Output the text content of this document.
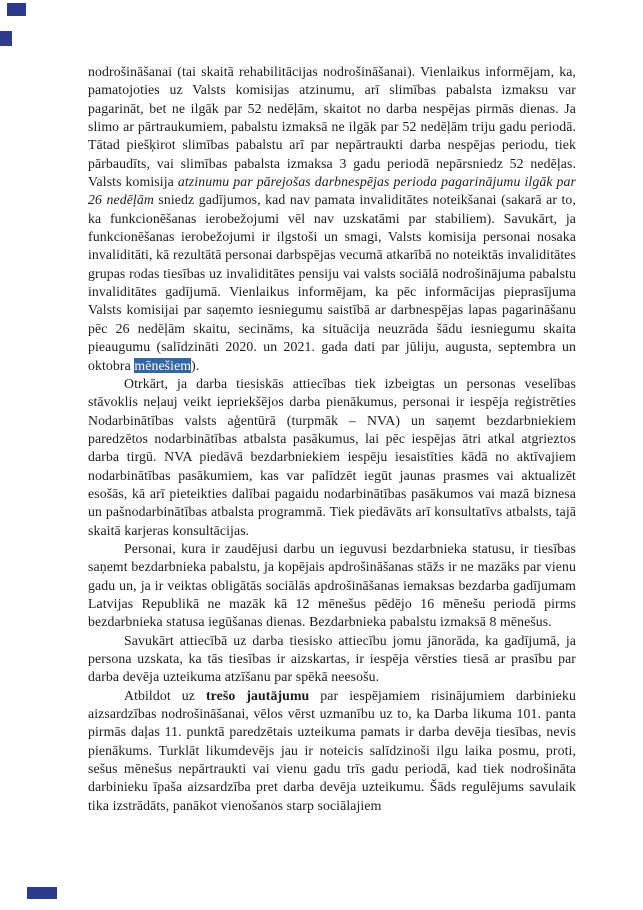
nodrošināšanai (tai skaitā rehabilitācijas nodrošināšanai). Vienlaikus informējam, ka, pamatojoties uz Valsts komisijas atzinumu, arī slimības pabalsta izmaksu var pagarināt, bet ne ilgāk par 52 nedēļām, skaitot no darba nespējas pirmās dienas. Ja slimo ar pārtraukumiem, pabalstu izmaksā ne ilgāk par 52 nedēļām triju gadu periodā. Tātad piešķirot slimības pabalstu arī par nepārtraukti darba nespējas periodu, tiek pārbaudīts, vai slimības pabalsta izmaksa 3 gadu periodā nepārsniedz 52 nedēļas. Valsts komisija atzinumu par pārejošas darbnespējas perioda pagarinājumu ilgāk par 26 nedēļām sniedz gadījumos, kad nav pamata invaliditātes noteikšanai (sakarā ar to, ka funkcionēšanas ierobežojumi vēl nav uzskatāmi par stabiliem). Savukārt, ja funkcionēšanas ierobežojumi ir ilgstoši un smagi, Valsts komisija personai nosaka invaliditāti, kā rezultātā personai darbspējas vecumā atkarībā no noteiktās invaliditātes grupas rodas tiesības uz invaliditātes pensiju vai valsts sociālā nodrošinājuma pabalstu invaliditātes gadījumā. Vienlaikus informējam, ka pēc informācijas pieprasījuma Valsts komisijai par saņemto iesniegumu saistībā ar darbnespējas lapas pagarināšanu pēc 26 nedēļām skaitu, secināms, ka situācija neuzrāda šādu iesniegumu skaita pieaugumu (salīdzināti 2020. un 2021. gada dati par jūliju, augusta, septembra un oktobra mēnešiem).

Otrkārt, ja darba tiesiskās attiecības tiek izbeigtas un personas veselības stāvoklis neļauj veikt iepriekšējos darba pienākumus, personai ir iespēja reģistrēties Nodarbinātības valsts aģentūrā (turpmāk – NVA) un saņemt bezdarbniekiem paredzētos nodarbinātības atbalsta pasākumus, lai pēc iespējas ātri atkal atgrieztos darba tirgū. NVA piedāvā bezdarbniekiem iespēju iesaistīties kādā no aktīvajiem nodarbinātības pasākumiem, kas var palīdzēt iegūt jaunas prasmes vai aktualizēt esošās, kā arī pieteikties dalībai pagaidu nodarbinātības pasākumos vai mazā biznesa un pašnodarbinātības atbalsta programmā. Tiek piedāvāts arī konsultatīvs atbalsts, tajā skaitā karjeras konsultācijas.

Personai, kura ir zaudējusi darbu un ieguvusi bezdarbnieka statusu, ir tiesības saņemt bezdarbnieka pabalstu, ja kopējais apdrošināšanas stāžs ir ne mazāks par vienu gadu un, ja ir veiktas obligātās sociālās apdrošināšanas iemaksas bezdarba gadījumam Latvijas Republikā ne mazāk kā 12 mēnešus pēdējo 16 mēnešu periodā pirms bezdarbnieka statusa iegūšanas dienas. Bezdarbnieka pabalstu izmaksā 8 mēnešus.

Savukārt attiecībā uz darba tiesisko attiecību jomu jānorāda, ka gadījumā, ja persona uzskata, ka tās tiesības ir aizskartas, ir iespēja vērsties tiesā ar prasību par darba devēja uzteikuma atzīšanu par spēkā neesošu.

Atbildot uz trešo jautājumu par iespējamiem risinājumiem darbinieku aizsardzības nodrošināšanai, vēlos vērst uzmanību uz to, ka Darba likuma 101. panta pirmās daļas 11. punktā paredzētais uzteikuma pamats ir darba devēja tiesības, nevis pienākums. Turklāt likumdevējs jau ir noteicis salīdzinoši ilgu laika posmu, proti, sešus mēnešus nepārtraukti vai vienu gadu trīs gadu periodā, kad tiek nodrošināta darbinieku īpaša aizsardzība pret darba devēja uzteikumu. Šāds regulējums savulaik tika izstrādāts, panākot vienošanos starp sociālajiem
